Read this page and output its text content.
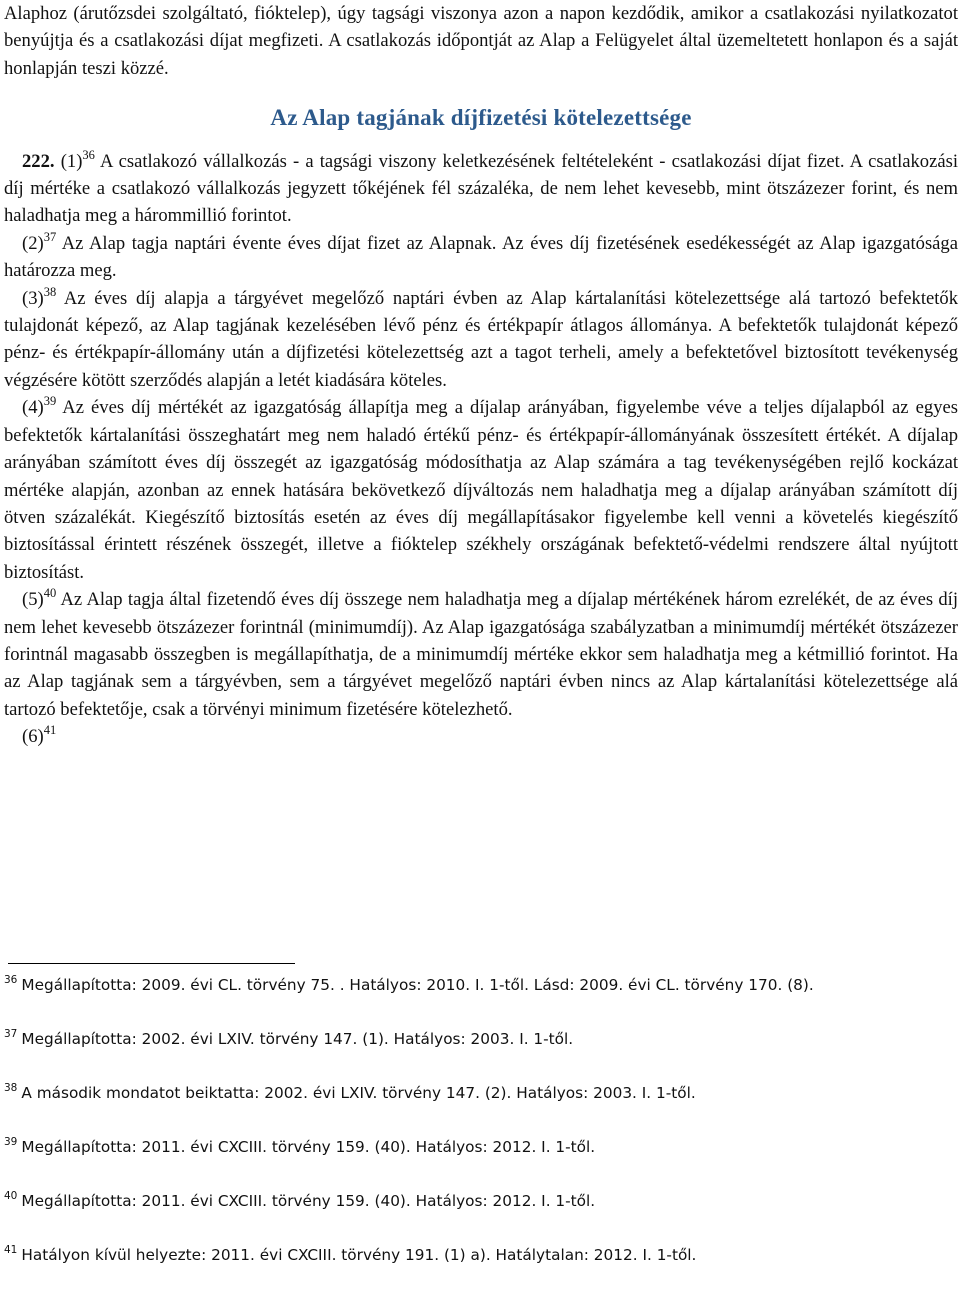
Alaphoz (árutőzsdei szolgáltató, fióktelep), úgy tagsági viszonya azon a napon kezdődik, amikor a csatlakozási nyilatkozatot benyújtja és a csatlakozási díjat megfizeti. A csatlakozás időpontját az Alap a Felügyelet által üzemeltetett honlapon és a saját honlapján teszi közzé.

Az Alap tagjának díjfizetési kötelezettsége

222. $(1)^{36}$ A csatlakozó vállalkozás - a tagsági viszony keletkezésének feltételeként - csatlakozási díjat fizet. A csatlakozási díj mértéke a csatlakozó vállalkozás jegyzett tőkéjének fél százaléka, de nem lehet kevesebb, mint ötszázezer forint, és nem haladhatja meg a hárommillió forintot.

$(2)^{37}$ Az Alap tagja naptári évente éves díjat fizet az Alapnak. Az éves díj fizetésének esedékességét az Alap igazgatósága határozza meg.

$(3)^{38}$ Az éves díj alapja a tárgyévet megelőző naptári évben az Alap kártalanítási kötelezettsége alá tartozó befektetők tulajdonát képező, az Alap tagjának kezelésében lévő pénz és értékpapír átlagos állománya. A befektetők tulajdonát képező pénz- és értékpapír-állomány után a díjfizetési kötelezettség azt a tagot terheli, amely a befektetővel biztosított tevékenység végzésére kötött szerződés alapján a letét kiadására köteles.

$(4)^{39}$ Az éves díj mértékét az igazgatóság állapítja meg a díjalap arányában, figyelembe véve a teljes díjalapból az egyes befektetők kártalanítási összeghatárt meg nem haladó értékű pénz- és értékpapír-állományának összesített értékét. A díjalap arányában számított éves díj összegét az igazgatóság módosíthatja az Alap számára a tag tevékenységében rejlő kockázat mértéke alapján, azonban az ennek hatására bekövetkező díjváltozás nem haladhatja meg a díjalap arányában számított díj ötven százalékát. Kiegészítő biztosítás esetén az éves díj megállapításakor figyelembe kell venni a követelés kiegészítő biztosítással érintett részének összegét, illetve a fióktelep székhely országának befektető-védelmi rendszere által nyújtott biztosítást.

$(5)^{40}$ Az Alap tagja által fizetendő éves díj összege nem haladhatja meg a díjalap mértékének három ezrelékét, de az éves díj nem lehet kevesebb ötszázezer forintnál (minimumdíj). Az Alap igazgatósága szabályzatban a minimumdíj mértékét ötszázezer forintnál magasabb összegben is megállapíthatja, de a minimumdíj mértéke ekkor sem haladhatja meg a kétmillió forintot. Ha az Alap tagjának sem a tárgyévben, sem a tárgyévet megelőző naptári évben nincs az Alap kártalanítási kötelezettsége alá tartozó befektetője, csak a törvényi minimum fizetésére kötelezhető.

$(6)^{41}$

$^{36}$ Megállapította: 2009. évi CL. törvény 75. . Hatályos: 2010. I. 1-től. Lásd: 2009. évi CL. törvény 170. (8).

$^{37}$ Megállapította: 2002. évi LXIV. törvény 147. (1). Hatályos: 2003. I. 1-től.

$^{38}$ A második mondatot beiktatta: 2002. évi LXIV. törvény 147. (2). Hatályos: 2003. I. 1-től.

$^{39}$ Megállapította: 2011. évi CXCIII. törvény 159. (40). Hatályos: 2012. I. 1-től.

$^{40}$ Megállapította: 2011. évi CXCIII. törvény 159. (40). Hatályos: 2012. I. 1-től.

$^{41}$ Hatályon kívül helyezte: 2011. évi CXCIII. törvény 191. (1) a). Hatálytalan: 2012. I. 1-től.
